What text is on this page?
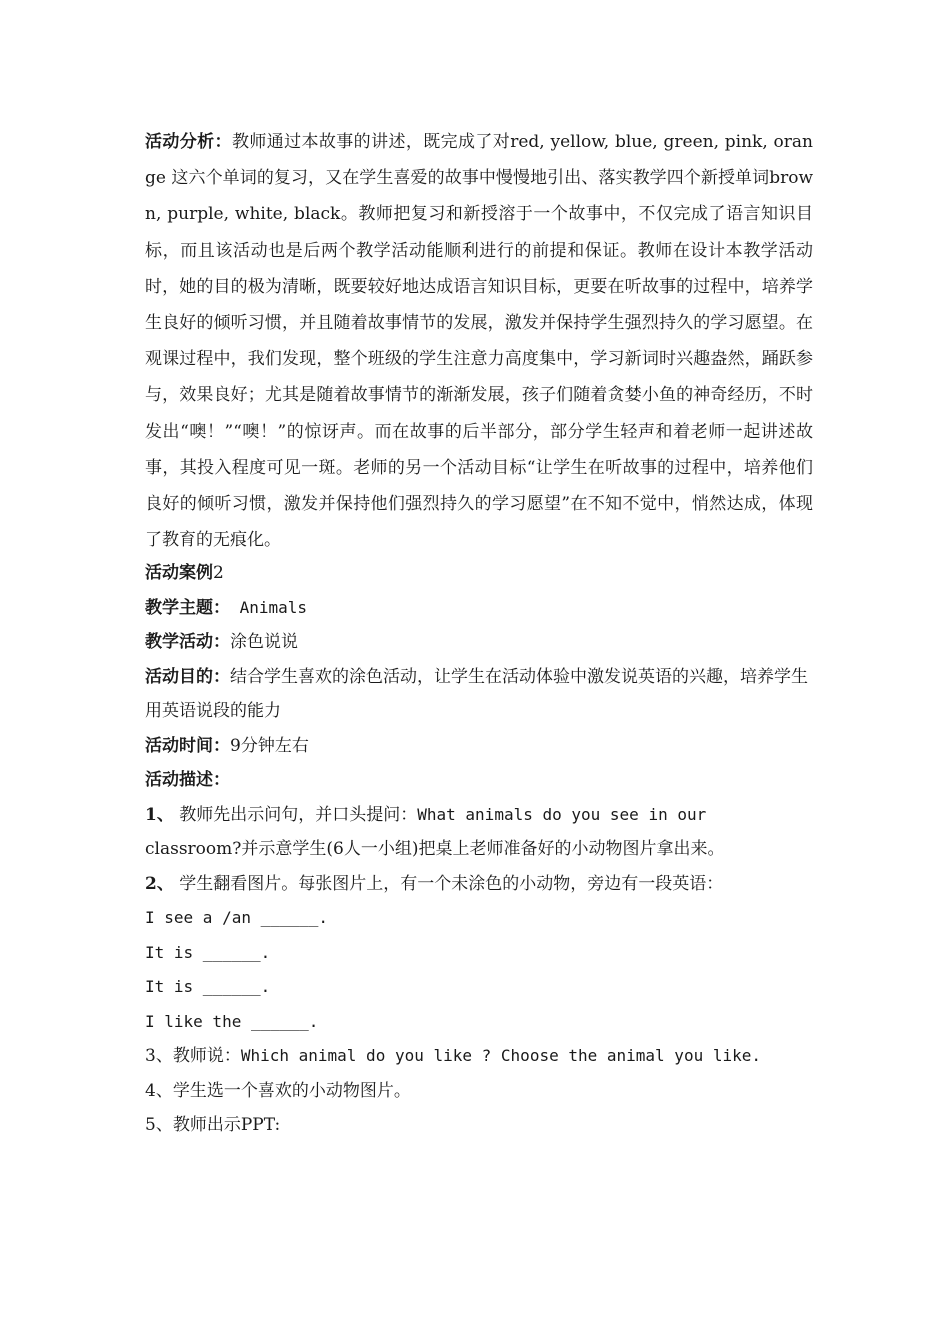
活动分析：教师通过本故事的讲述，既完成了对red, yellow, blue, green, pink, orange 这六个单词的复习，又在学生喜爱的故事中慢慢地引出、落实教学四个新授单词brown, purple, white, black。教师把复习和新授溶于一个故事中，不仅完成了语言知识目标，而且该活动也是后两个教学活动能顺利进行的前提和保证。教师在设计本教学活动时，她的目的极为清晰，既要较好地达成语言知识目标，更要在听故事的过程中，培养学生良好的倾听习惯，并且随着故事情节的发展，激发并保持学生强烈持久的学习愿望。在观课过程中，我们发现，整个班级的学生注意力高度集中，学习新词时兴趣盎然，踊跃参与，效果良好；尤其是随着故事情节的渐渐发展，孩子们随着贪婪小鱼的神奇经历，不时发出“噢！”“噢！”的惊讶声。而在故事的后半部分，部分学生轻声和着老师一起讲述故事，其投入程度可见一斑。老师的另一个活动目标“让学生在听故事的过程中，培养他们良好的倾听习惯，激发并保持他们强烈持久的学习愿望”在不知不觉中，悄然达成，体现了教育的无痕化。

活动案例2
教学主题： Animals
教学活动：涂色说说
活动目的：结合学生喜欢的涂色活动，让学生在活动体验中激发说英语的兴趣，培养学生用英语说段的能力
活动时间：9分钟左右
活动描述：
1、 教师先出示问句，并口头提问：What animals do you see in our
classroom?并示意学生(6人一小组)把桌上老师准备好的小动物图片拿出来。
2、 学生翻看图片。每张图片上，有一个未涂色的小动物，旁边有一段英语：
I see a /an ______.
It is ______.
It is ______.
I like the ______.
3、教师说：Which animal do you like ? Choose the animal you like.
4、学生选一个喜欢的小动物图片。
5、教师出示PPT:
